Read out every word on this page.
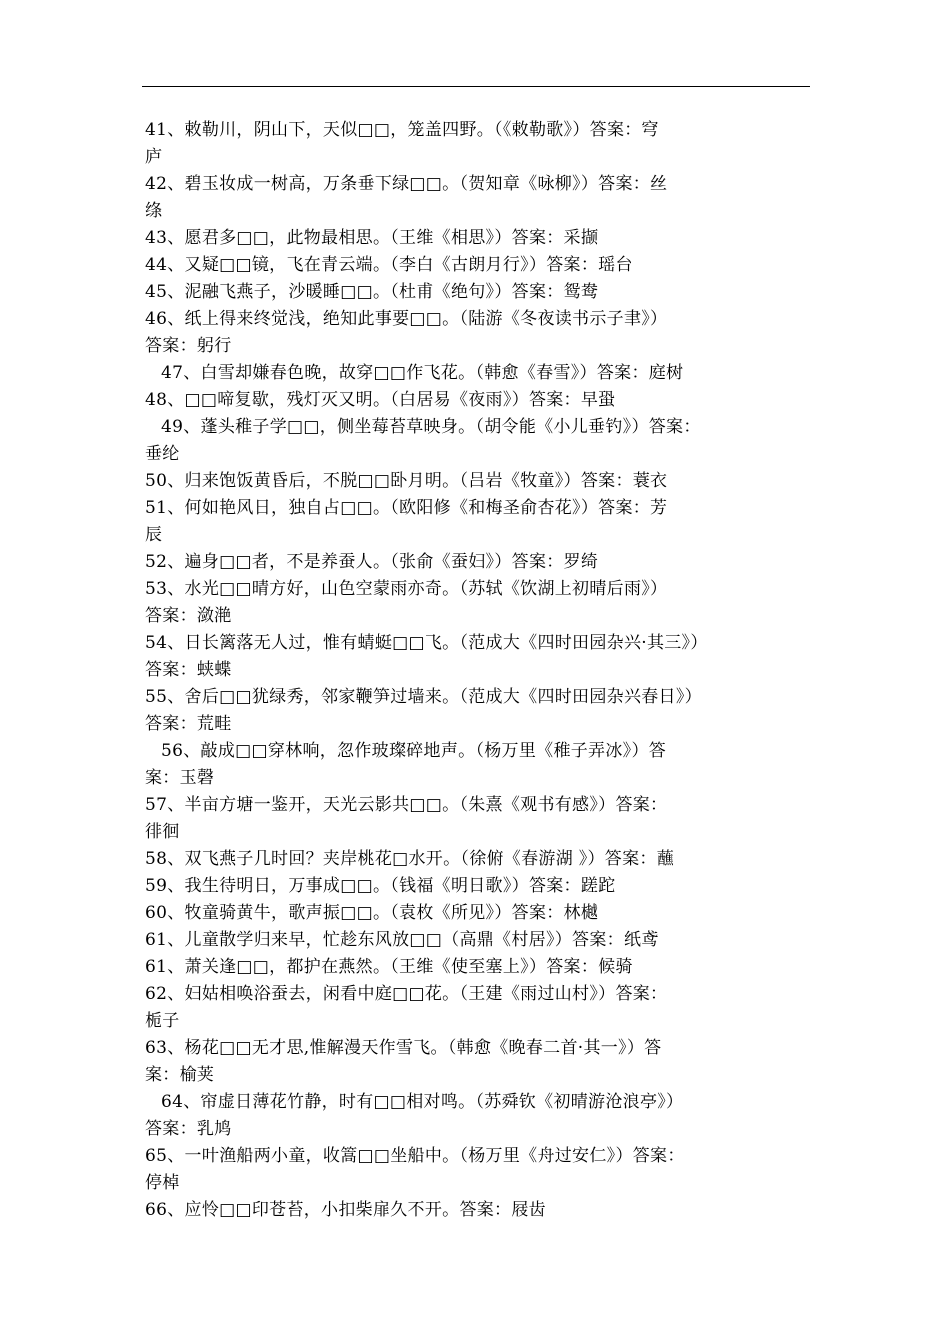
41、敕勒川，阴山下，天似□□，笼盖四野。（《敕勒歌》）答案：穹
庐
42、碧玉妆成一树高，万条垂下绿□□。（贺知章《咏柳》）答案：丝
绦
43、愿君多□□，此物最相思。（王维《相思》）答案：采撷
44、又疑□□镜，飞在青云端。（李白《古朗月行》）答案：瑶台
45、泥融飞燕子，沙暖睡□□。（杜甫《绝句》）答案：鸳鸯
46、纸上得来终觉浅，绝知此事要□□。（陆游《冬夜读书示子聿》）
答案：躬行
47、白雪却嫌春色晚，故穿□□作飞花。（韩愈《春雪》）答案：庭树
48、□□啼复歇，残灯灭又明。（白居易《夜雨》）答案：早蛩
49、蓬头稚子学□□，侧坐莓苔草映身。（胡令能《小儿垂钓》）答案：
垂纶
50、归来饱饭黄昏后，不脱□□卧月明。（吕岩《牧童》）答案：蓑衣
51、何如艳风日，独自占□□。（欧阳修《和梅圣俞杏花》）答案：芳
辰
52、遍身□□者，不是养蚕人。（张俞《蚕妇》）答案：罗绮
53、水光□□晴方好，山色空蒙雨亦奇。（苏轼《饮湖上初晴后雨》）
答案：潋滟
54、日长篱落无人过，惟有蜻蜓□□飞。（范成大《四时田园杂兴·其三》）
答案：蛱蝶
55、舍后□□犹绿秀，邻家鞭笋过墙来。（范成大《四时田园杂兴春日》）
答案：荒畦
56、敲成□□穿林响，忽作玻璨碎地声。（杨万里《稚子弄冰》）答
案：玉磬
57、半亩方塘一鉴开，天光云影共□□。（朱熹《观书有感》）答案：
徘徊
58、双飞燕子几时回？夹岸桃花□水开。（徐俯《春游湖 》）答案：蘸
59、我生待明日，万事成□□。（钱福《明日歌》）答案：蹉跎
60、牧童骑黄牛，歌声振□□。（袁枚《所见》）答案：林樾
61、儿童散学归来早，忙趁东风放□□（高鼎《村居》）答案：纸鸢
61、萧关逢□□，都护在燕然。（王维《使至塞上》）答案：候骑
62、妇姑相唤浴蚕去，闲看中庭□□花。（王建《雨过山村》）答案：
栀子
63、杨花□□无才思,惟解漫天作雪飞。（韩愈《晚春二首·其一》）答
案：榆荚
64、帘虚日薄花竹静，时有□□相对鸣。（苏舜钦《初晴游沧浪亭》）
答案：乳鸠
65、一叶渔船两小童，收篙□□坐船中。（杨万里《舟过安仁》）答案：
停棹
66、应怜□□印苍苔，小扣柴扉久不开。答案：屐齿
